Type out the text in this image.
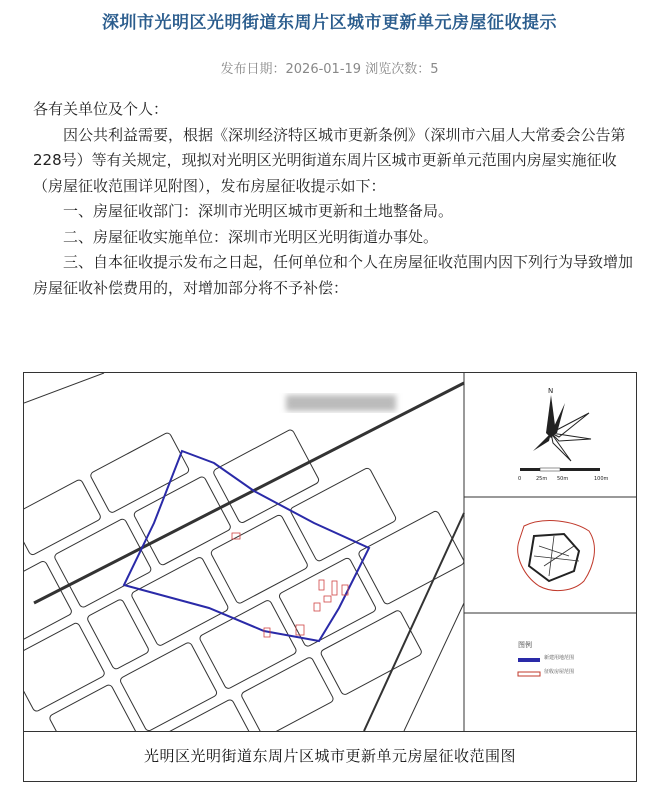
深圳市光明区光明街道东周片区城市更新单元房屋征收提示
发布日期：2026-01-19 浏览次数：5

各有关单位及个人：

因公共利益需要，根据《深圳经济特区城市更新条例》（深圳市六届人大常委会公告第228号）等有关规定，现拟对光明区光明街道东周片区城市更新单元范围内房屋实施征收（房屋征收范围详见附图），发布房屋征收提示如下：

一、房屋征收部门：深圳市光明区城市更新和土地整备局。

二、房屋征收实施单位：深圳市光明区光明街道办事处。

三、自本征收提示发布之日起，任何单位和个人在房屋征收范围内因下列行为导致增加房屋征收补偿费用的，对增加部分将不予补偿：

N
0	25m 50m	100m
图例
新建用地范围
征收房屋范围
光明区光明街道东周片区城市更新单元房屋征收范围图
